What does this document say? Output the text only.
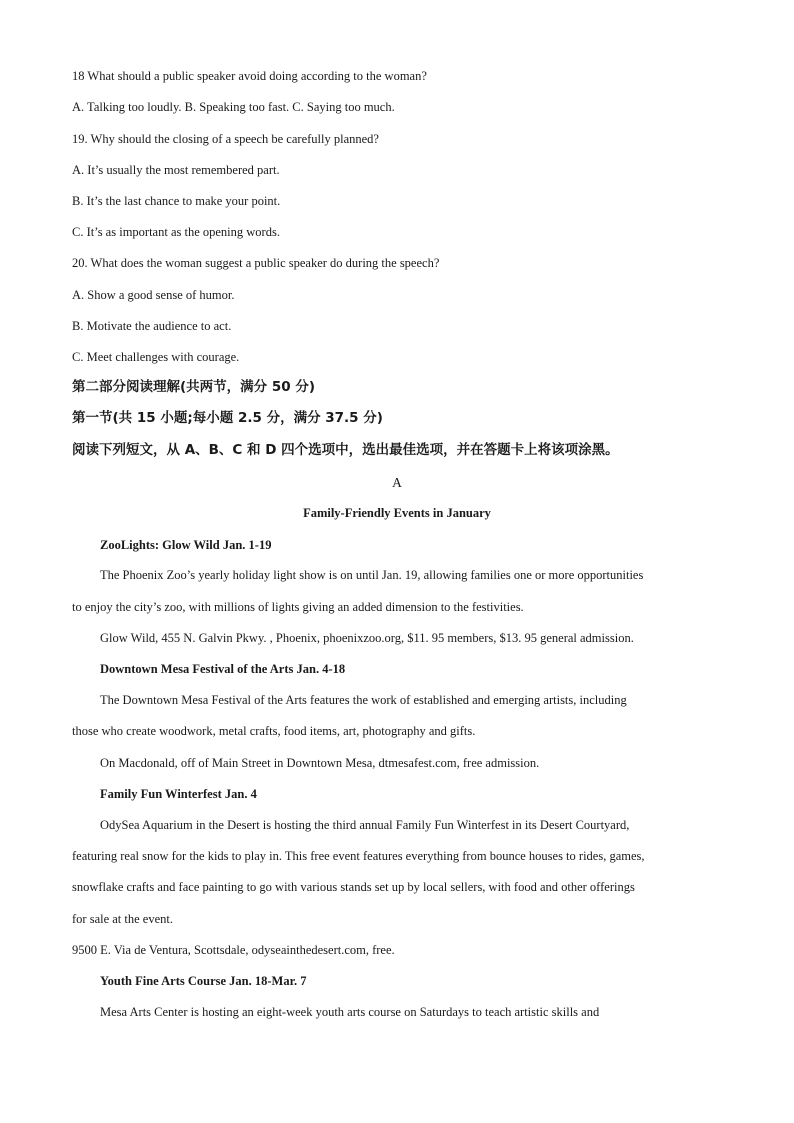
18 What should a public speaker avoid doing according to the woman?
A. Talking too loudly. B. Speaking too fast. C. Saying too much.
19. Why should the closing of a speech be carefully planned?
A. It’s usually the most remembered part.
B. It’s the last chance to make your point.
C. It’s as important as the opening words.
20. What does the woman suggest a public speaker do during the speech?
A. Show a good sense of humor.
B. Motivate the audience to act.
C. Meet challenges with courage.
第二部分阅读理解(共两节，满分 50 分)
第一节(共 15 小题;每小题 2.5 分，满分 37.5 分)
阅读下列短文，从 A、B、C 和 D 四个选项中，选出最佳选项，并在答题卡上将该项涂黑。
A
Family-Friendly Events in January
ZooLights: Glow Wild Jan. 1-19
The Phoenix Zoo’s yearly holiday light show is on until Jan. 19, allowing families one or more opportunities
to enjoy the city’s zoo, with millions of lights giving an added dimension to the festivities.
Glow Wild, 455 N. Galvin Pkwy. , Phoenix, phoenixzoo.org, $11. 95 members, $13. 95 general admission.
Downtown Mesa Festival of the Arts Jan. 4-18
The Downtown Mesa Festival of the Arts features the work of established and emerging artists, including
those who create woodwork, metal crafts, food items, art, photography and gifts.
On Macdonald, off of Main Street in Downtown Mesa, dtmesafest.com, free admission.
Family Fun Winterfest Jan. 4
OdySea Aquarium in the Desert is hosting the third annual Family Fun Winterfest in its Desert Courtyard,
featuring real snow for the kids to play in. This free event features everything from bounce houses to rides, games,
snowflake crafts and face painting to go with various stands set up by local sellers, with food and other offerings
for sale at the event.
9500 E. Via de Ventura, Scottsdale, odyseainthedesert.com, free.
Youth Fine Arts Course Jan. 18-Mar. 7
Mesa Arts Center is hosting an eight-week youth arts course on Saturdays to teach artistic skills and
